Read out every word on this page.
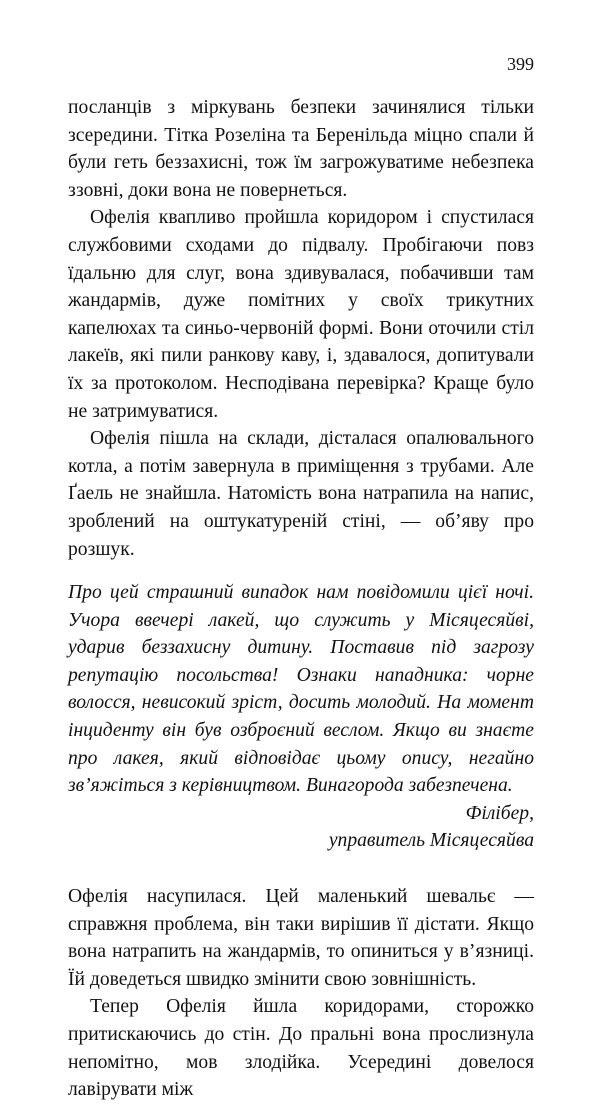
399

посланців з міркувань безпеки зачинялися тільки зсередини. Тітка Розеліна та Беренільда міцно спали й були геть беззахисні, тож їм загрожуватиме небезпека ззовні, доки вона не повернеться.

Офелія квапливо пройшла коридором і спустилася службовими сходами до підвалу. Пробігаючи повз їдальню для слуг, вона здивувалася, побачивши там жандармів, дуже помітних у своїх трикутних капелюхах та синьо-червоній формі. Вони оточили стіл лакеїв, які пили ранкову каву, і, здавалося, допитували їх за протоколом. Несподівана перевірка? Краще було не затримуватися.

Офелія пішла на склади, дісталася опалювального котла, а потім завернула в приміщення з трубами. Але Ґаель не знайшла. Натомість вона натрапила на напис, зроблений на оштукатуреній стіні, — об’яву про розшук.

Про цей страшний випадок нам повідомили цієї ночі. Учора ввечері лакей, що служить у Місяцесяйві, ударив беззахисну дитину. Поставив під загрозу репутацію посольства! Ознаки нападника: чорне волосся, невисокий зріст, досить молодий. На момент інциденту він був озброєний веслом. Якщо ви знаєте про лакея, який відповідає цьому опису, негайно зв’яжіться з керівництвом. Винагорода забезпечена.

Філібер,

управитель Місяцесяйва

Офелія насупилася. Цей маленький шевальє — справжня проблема, він таки вирішив її дістати. Якщо вона натрапить на жандармів, то опиниться у в’язниці. Їй доведеться швидко змінити свою зовнішність.

Тепер Офелія йшла коридорами, сторожко притискаючись до стін. До пральні вона прослизнула непомітно, мов злодійка. Усередині довелося лавірувати між
